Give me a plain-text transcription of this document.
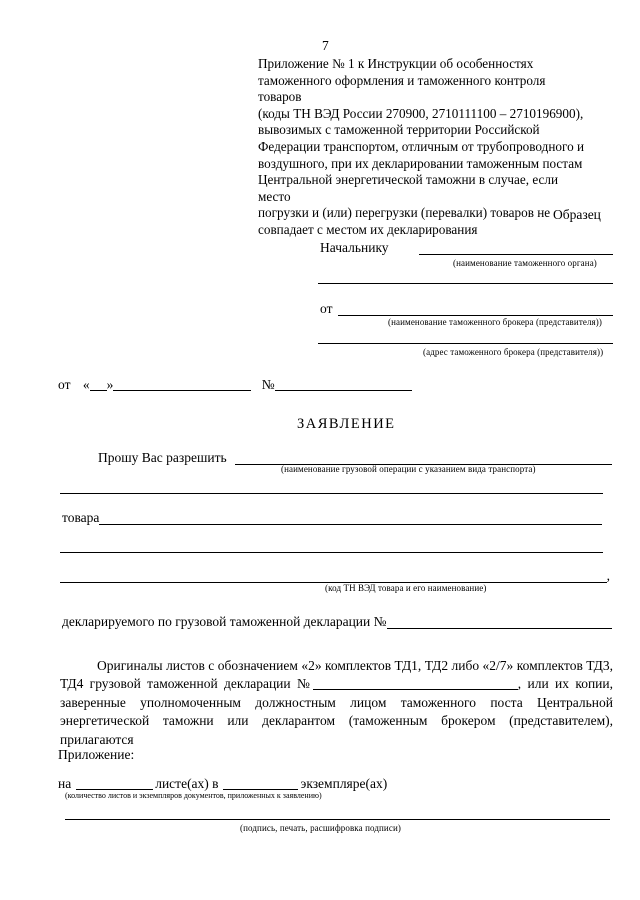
7
Приложение № 1 к Инструкции об особенностях
таможенного оформления и таможенного контроля товаров
(коды ТН ВЭД России 270900, 2710111100 – 2710196900),
вывозимых с таможенной территории Российской
Федерации транспортом, отличным от трубопроводного и
воздушного, при их декларировании таможенным постам
Центральной энергетической таможни в случае, если место
погрузки и (или) перегрузки (перевалки) товаров не
совпадает с местом их декларирования
Образец
Начальнику
(наименование таможенного органа)
от
(наименование таможенного брокера (представителя))
(адрес таможенного брокера (представителя))
от « »	№
ЗАЯВЛЕНИЕ
Прошу Вас разрешить
(наименование грузовой операции с указанием вида транспорта)
товара
,
(код ТН ВЭД товара и его наименование)
декларируемого по грузовой таможенной декларации №
Оригиналы листов с обозначением «2» комплектов ТД1, ТД2 либо «2/7» комплектов ТД3, ТД4 грузовой таможенной декларации №	, или их копии, заверенные уполномоченным должностным лицом таможенного поста Центральной энергетической таможни или декларантом (таможенным брокером (представителем), прилагаются
Приложение:
на	листе(ах) в	экземпляре(ах)
(количество листов и экземпляров документов, приложенных к заявлению)
(подпись, печать, расшифровка подписи)
